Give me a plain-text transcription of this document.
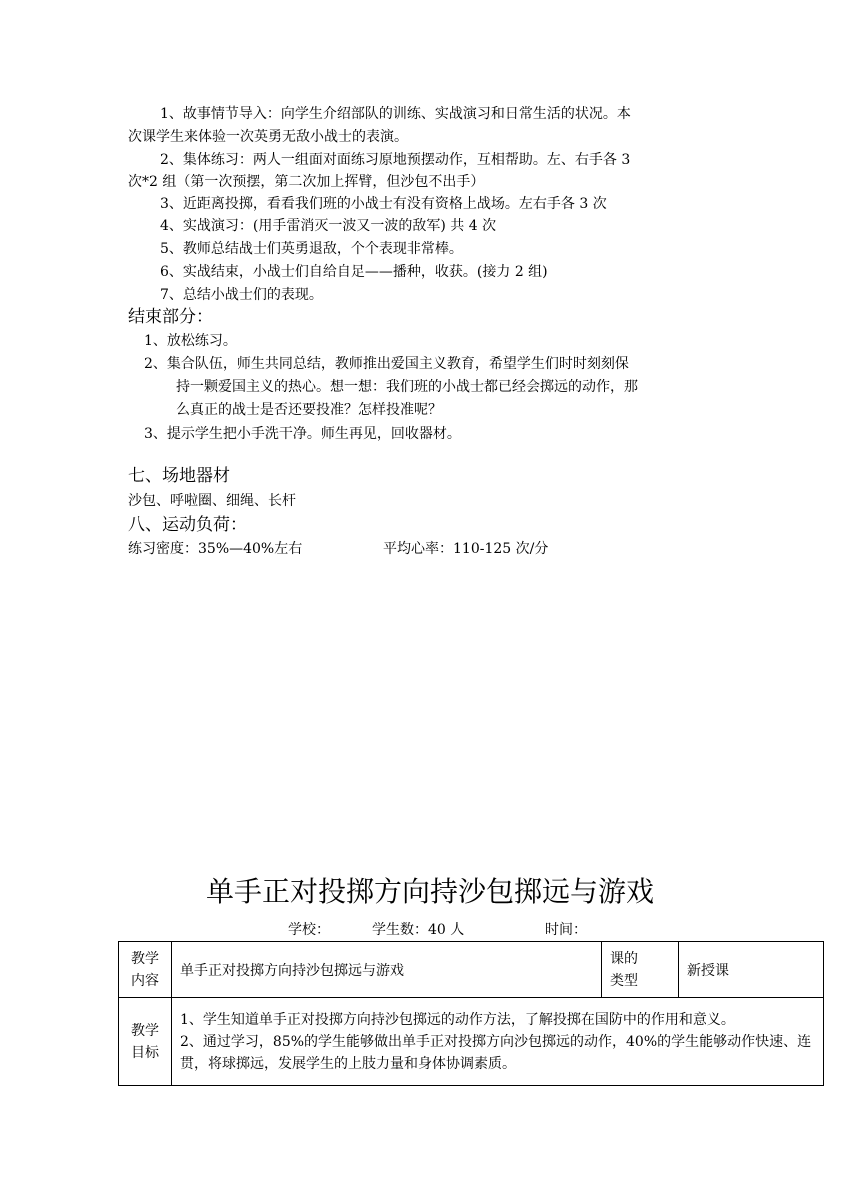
1、故事情节导入：向学生介绍部队的训练、实战演习和日常生活的状况。本
次课学生来体验一次英勇无敌小战士的表演。
2、集体练习：两人一组面对面练习原地预摆动作，互相帮助。左、右手各 3
次*2 组（第一次预摆，第二次加上挥臂，但沙包不出手）
3、近距离投掷，看看我们班的小战士有没有资格上战场。左右手各 3 次
4、实战演习：(用手雷消灭一波又一波的敌军) 共 4 次
5、教师总结战士们英勇退敌，个个表现非常棒。
6、实战结束，小战士们自给自足——播种，收获。(接力 2 组)
7、总结小战士们的表现。
结束部分：
1、放松练习。
2、集合队伍，师生共同总结，教师推出爱国主义教育，希望学生们时时刻刻保
持一颗爱国主义的热心。想一想：我们班的小战士都已经会掷远的动作，那
么真正的战士是否还要投准？怎样投准呢？
3、提示学生把小手洗干净。师生再见，回收器材。
七、场地器材
沙包、呼啦圈、细绳、长杆
八、运动负荷：
练习密度：35%—40%左右	平均心率：110-125 次/分
单手正对投掷方向持沙包掷远与游戏
学校：	学生数：40 人	时间：
教学内容	单手正对投掷方向持沙包掷远与游戏	课的类型	新授课
教学目标	1、学生知道单手正对投掷方向持沙包掷远的动作方法，了解投掷在国防中的作用和意义。
2、通过学习，85%的学生能够做出单手正对投掷方向沙包掷远的动作，40%的学生能够动作快速、连贯，将球掷远，发展学生的上肢力量和身体协调素质。		
